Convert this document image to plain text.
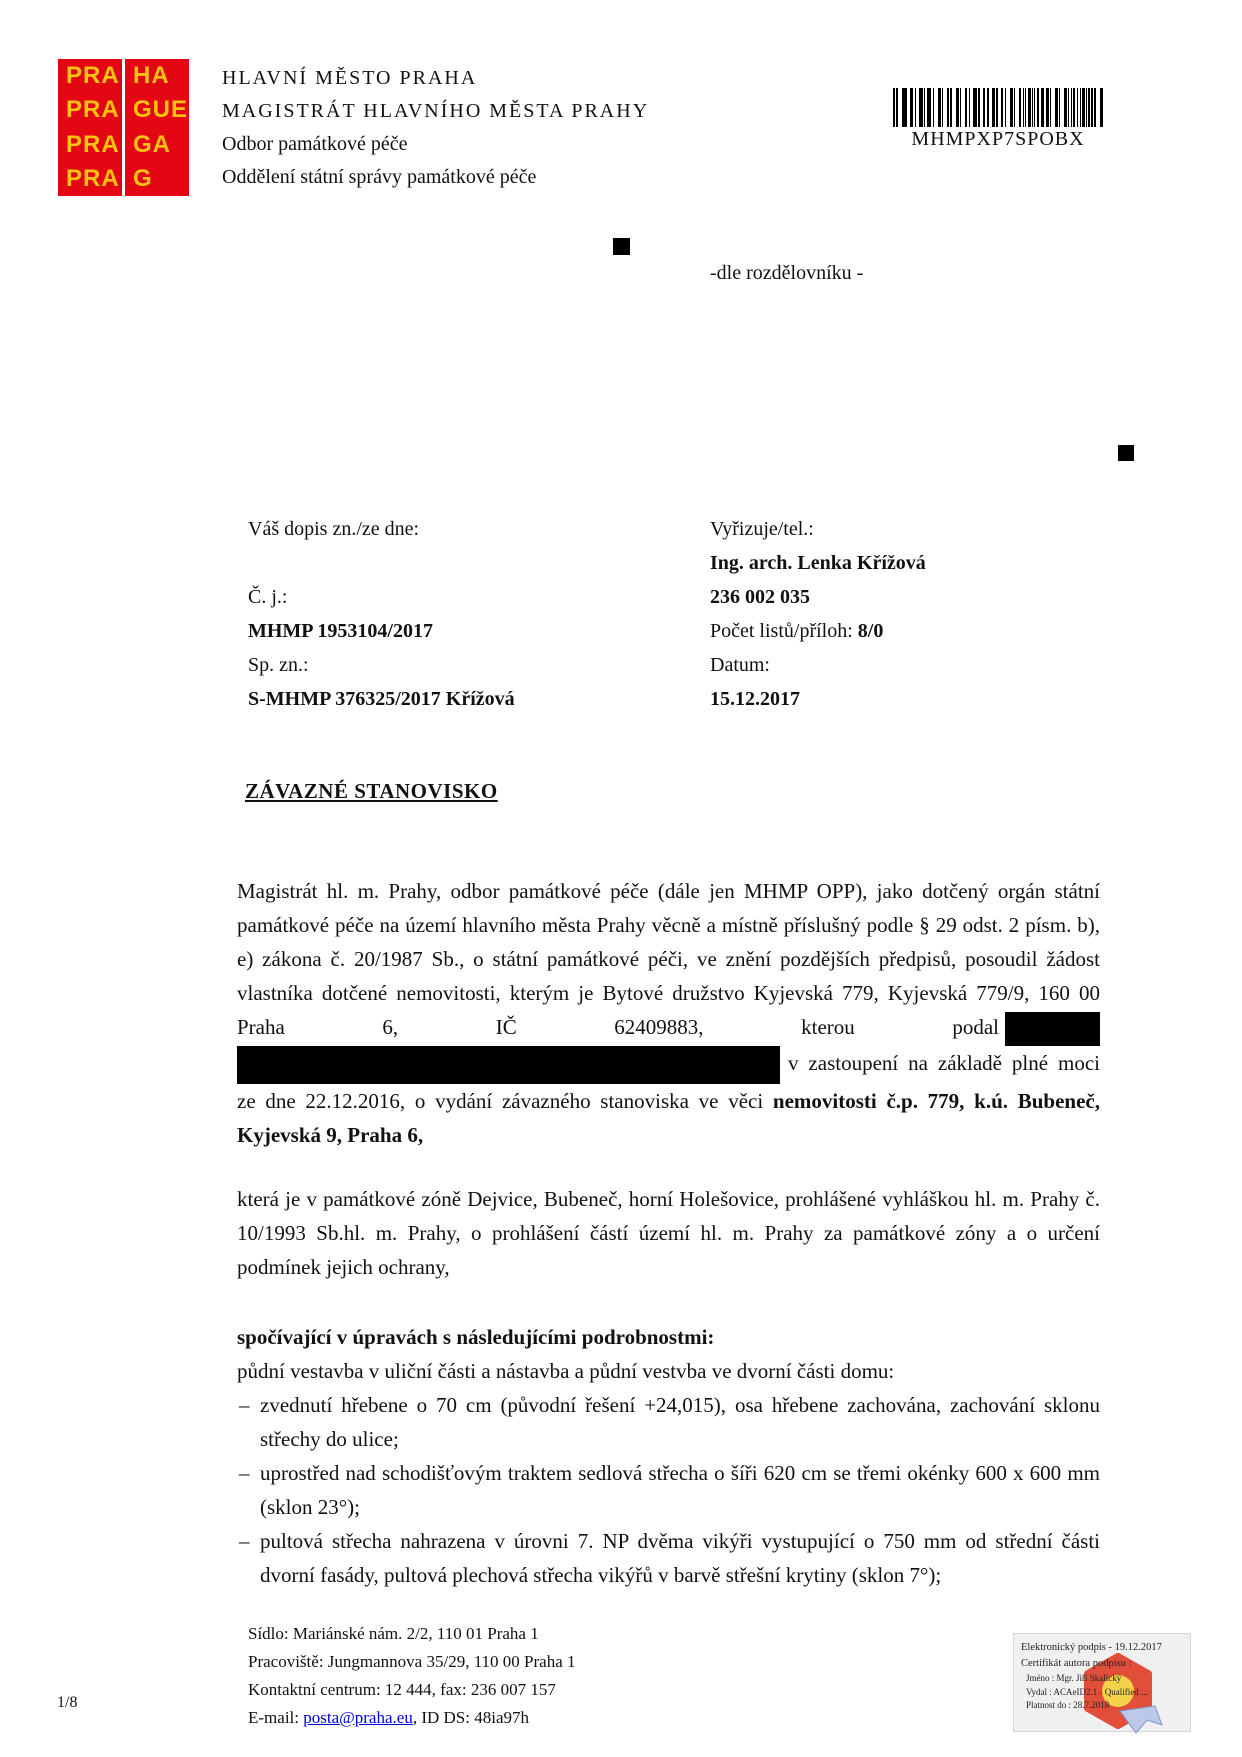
PRA
PRA
PRA
PRA
HA
GUE
GA
G
HLAVNÍ MĚSTO PRAHA
MAGISTRÁT HLAVNÍHO MĚSTA PRAHY
Odbor památkové péče
Oddělení státní správy památkové péče
MHMPXP7SPOBX
-dle rozdělovníku -
Váš dopis zn./ze dne:
Č. j.:
MHMP 1953104/2017
Sp. zn.:
S-MHMP 376325/2017 Křížová
Vyřizuje/tel.:
Ing. arch. Lenka Křížová
236 002 035
Počet listů/příloh: 8/0
Datum:
15.12.2017
ZÁVAZNÉ STANOVISKO

Magistrát hl. m. Prahy, odbor památkové péče (dále jen MHMP OPP), jako dotčený orgán státní památkové péče na území hlavního města Prahy věcně a místně příslušný podle § 29 odst. 2 písm. b), e) zákona č. 20/1987 Sb., o státní památkové péči, ve znění pozdějších předpisů, posoudil žádost vlastníka dotčené nemovitosti, kterým je Bytové družstvo Kyjevská 779, Kyjevská 779/9, 160 00 Praha 6, IČ 62409883, kterou podal v zastoupení na základě plné moci ze dne 22.12.2016, o vydání závazného stanoviska ve věci nemovitosti č.p. 779, k.ú. Bubeneč, Kyjevská 9, Praha 6,

která je v památkové zóně Dejvice, Bubeneč, horní Holešovice, prohlášené vyhláškou hl. m. Prahy č. 10/1993 Sb.hl. m. Prahy, o prohlášení částí území hl. m. Prahy za památkové zóny a o určení podmínek jejich ochrany,

spočívající v úpravách s následujícími podrobnostmi:

půdní vestavba v uliční části a nástavba a půdní vestvba ve dvorní části domu:

– zvednutí hřebene o 70 cm (původní řešení +24,015), osa hřebene zachována, zachování sklonu střechy do ulice;
– uprostřed nad schodišťovým traktem sedlová střecha o šíři 620 cm se třemi okénky 600 x 600 mm (sklon 23°);
– pultová střecha nahrazena v úrovni 7. NP dvěma vikýři vystupující o 750 mm od střední části dvorní fasády, pultová plechová střecha vikýřů v barvě střešní krytiny (sklon 7°);
Sídlo: Mariánské nám. 2/2, 110 01 Praha 1
Pracoviště: Jungmannova 35/29, 110 00 Praha 1
Kontaktní centrum: 12 444, fax: 236 007 157
E-mail: posta@praha.eu, ID DS: 48ia97h
1/8
Elektronický podpis - 19.12.2017
Certifikát autora podpisu :
Jméno : Mgr. Jiří Skalický
Vydal : ACAeID2.1 - Qualified ...
Platnost do : 28.7.2018
